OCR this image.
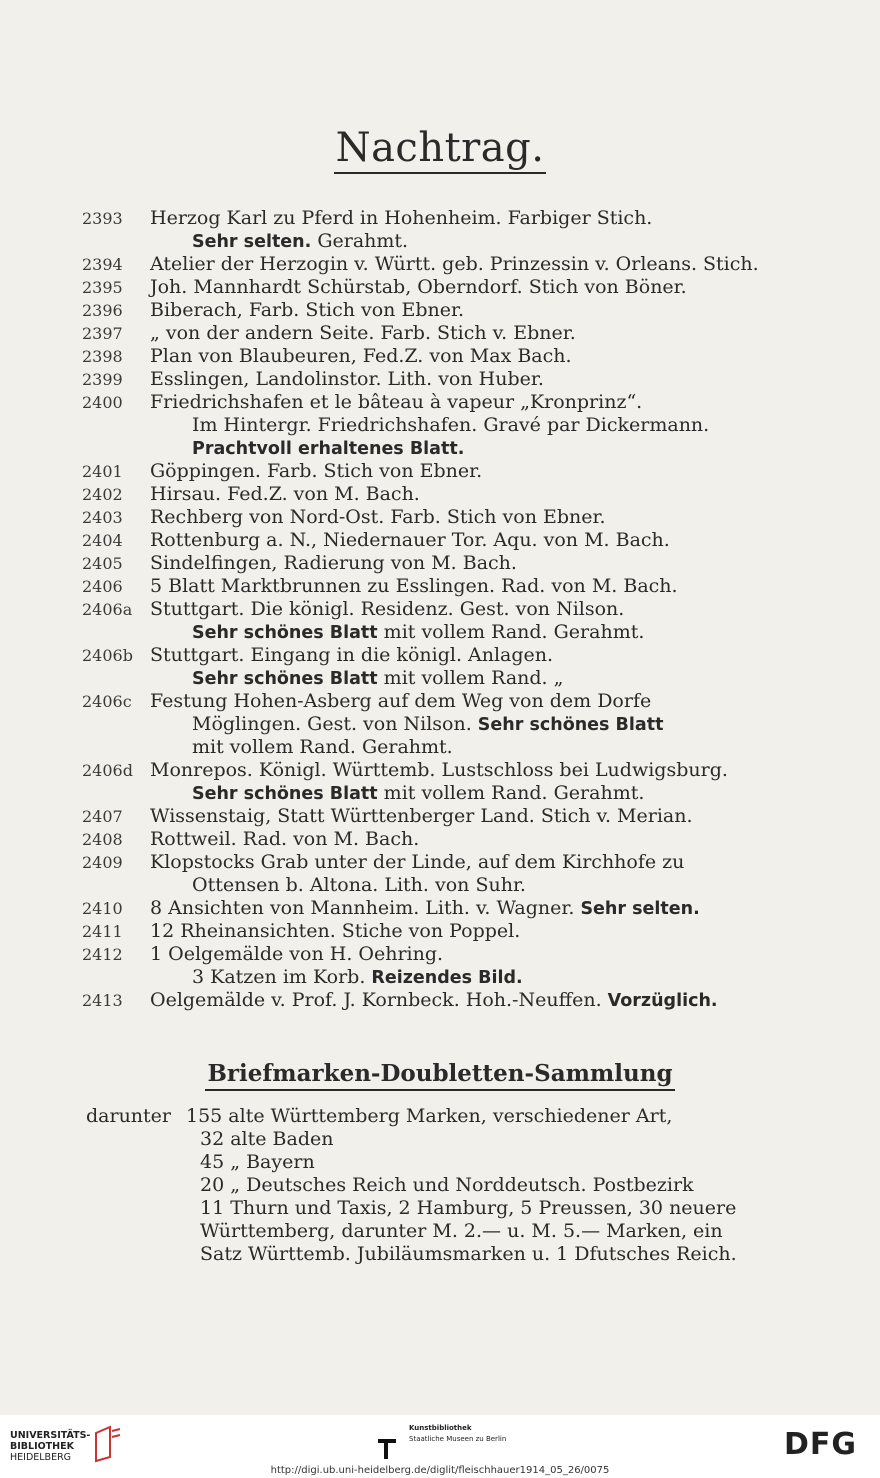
Nachtrag.
2393	Herzog Karl zu Pferd in Hohenheim. Farbiger Stich.
Sehr selten. Gerahmt.
2394	Atelier der Herzogin v. Württ. geb. Prinzessin v. Orleans. Stich.
2395	Joh. Mannhardt Schürstab, Oberndorf. Stich von Böner.
2396	Biberach, Farb. Stich von Ebner.
2397	„ von der andern Seite. Farb. Stich v. Ebner.
2398	Plan von Blaubeuren, Fed.Z. von Max Bach.
2399	Esslingen, Landolinstor. Lith. von Huber.
2400	Friedrichshafen et le bâteau à vapeur „Kronprinz“.
Im Hintergr. Friedrichshafen. Gravé par Dickermann.
Prachtvoll erhaltenes Blatt.
2401	Göppingen. Farb. Stich von Ebner.
2402	Hirsau. Fed.Z. von M. Bach.
2403	Rechberg von Nord-Ost. Farb. Stich von Ebner.
2404	Rottenburg a. N., Niedernauer Tor. Aqu. von M. Bach.
2405	Sindelfingen, Radierung von M. Bach.
2406	5 Blatt Marktbrunnen zu Esslingen. Rad. von M. Bach.
2406a Stuttgart. Die königl. Residenz. Gest. von Nilson.
Sehr schönes Blatt mit vollem Rand. Gerahmt.
2406b Stuttgart. Eingang in die königl. Anlagen.
Sehr schönes Blatt mit vollem Rand. „
2406c Festung Hohen-Asberg auf dem Weg von dem Dorfe
Möglingen. Gest. von Nilson. Sehr schönes Blatt
mit vollem Rand. Gerahmt.
2406d Monrepos. Königl. Württemb. Lustschloss bei Ludwigsburg.
Sehr schönes Blatt mit vollem Rand. Gerahmt.
2407	Wissenstaig, Statt Württenberger Land. Stich v. Merian.
2408	Rottweil. Rad. von M. Bach.
2409	Klopstocks Grab unter der Linde, auf dem Kirchhofe zu
Ottensen b. Altona. Lith. von Suhr.
2410	8 Ansichten von Mannheim. Lith. v. Wagner. Sehr selten.
2411	12 Rheinansichten. Stiche von Poppel.
2412	1 Oelgemälde von H. Oehring.
3 Katzen im Korb. Reizendes Bild.
2413	Oelgemälde v. Prof. J. Kornbeck. Hoh.-Neuffen. Vorzüglich.
Briefmarken-Doubletten-Sammlung
darunter 155 alte Württemberg Marken, verschiedener Art,
32 alte Baden
45 „ Bayern
20 „ Deutsches Reich und Norddeutsch. Postbezirk
11 Thurn und Taxis, 2 Hamburg, 5 Preussen, 30 neuere
Württemberg, darunter M. 2.— u. M. 5.— Marken, ein
Satz Württemb. Jubiläumsmarken u. 1 Dfutsches Reich.
UNIVERSITÄTS-
BIBLIOTHEK
HEIDELBERG
Kunstbibliothek
Staatliche Museen zu Berlin	DFG
http://digi.ub.uni-heidelberg.de/diglit/fleischhauer1914_05_26/0075
